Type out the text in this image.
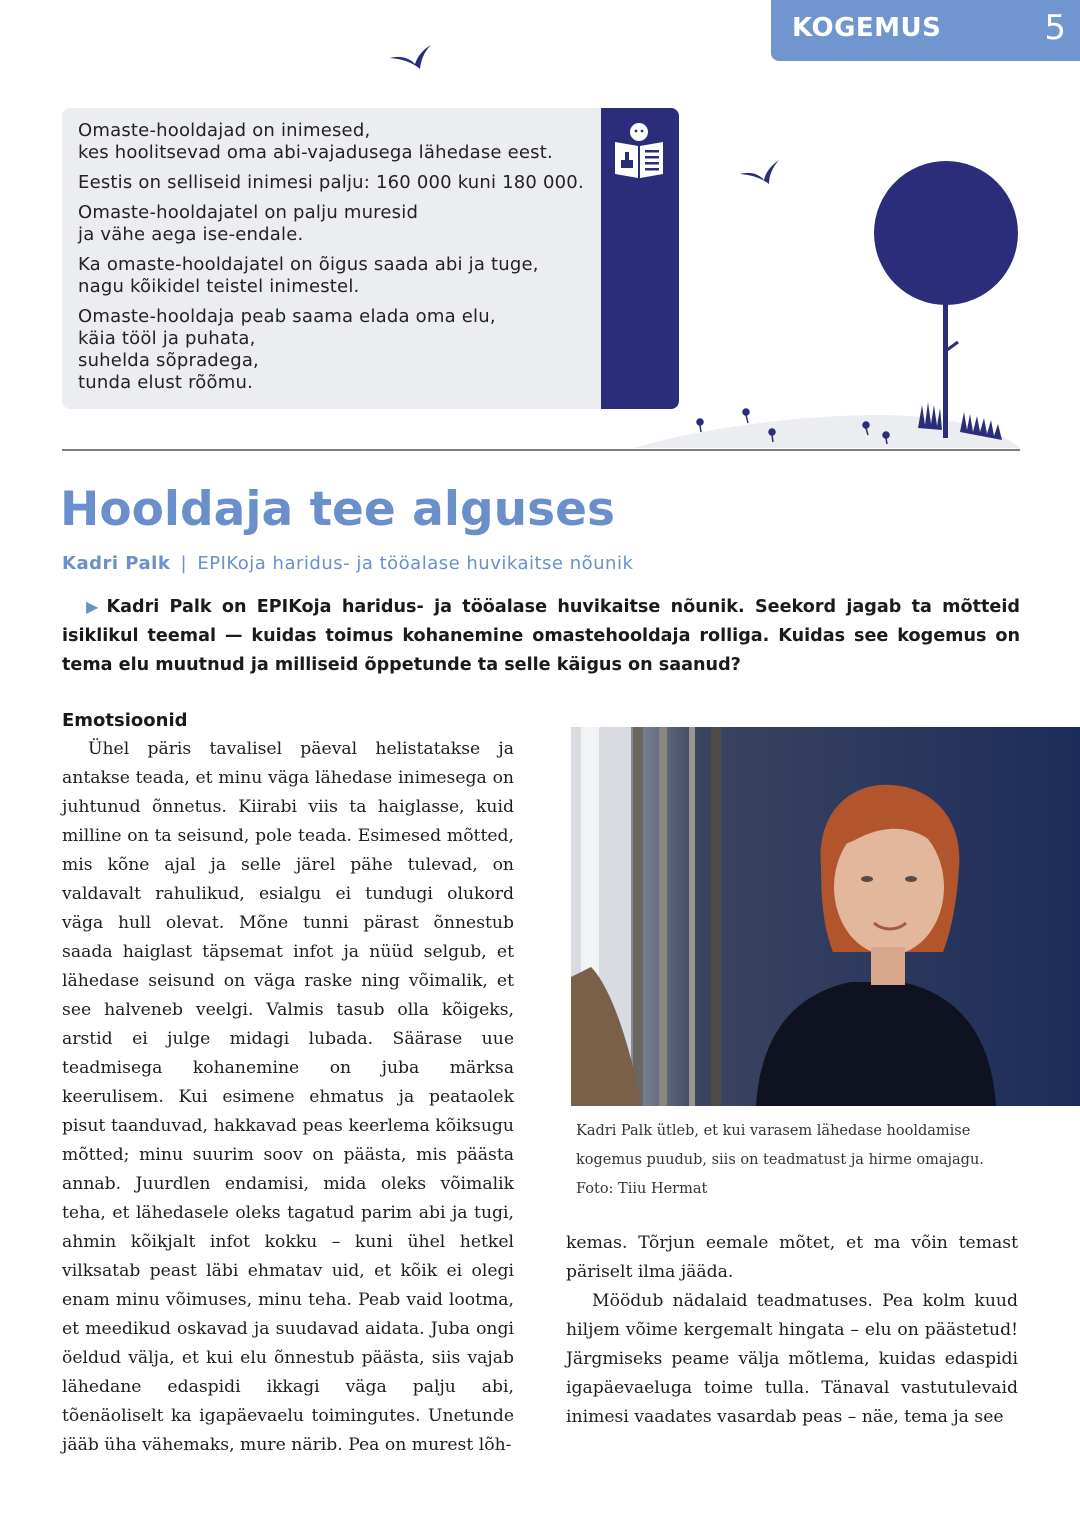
KOGEMUS	5

Omaste-hooldajad on inimesed,
kes hoolitsevad oma abi-vajadusega lähedase eest.

Eestis on selliseid inimesi palju: 160 000 kuni 180 000.

Omaste-hooldajatel on palju muresid
ja vähe aega ise-endale.

Ka omaste-hooldajatel on õigus saada abi ja tuge,
nagu kõikidel teistel inimestel.

Omaste-hooldaja peab saama elada oma elu,
käia tööl ja puhata,
suhelda sõpradega,
tunda elust rõõmu.

Hooldaja tee alguses
Kadri Palk | EPIKoja haridus- ja tööalase huvikaitse nõunik
▶ Kadri Palk on EPIKoja haridus- ja tööalase huvikaitse nõunik. Seekord jagab ta mõtteid isiklikul teemal — kuidas toimus kohanemine omastehooldaja rolliga. Kuidas see kogemus on tema elu muutnud ja milliseid õppetunde ta selle käigus on saanud?
Emotsioonid

Ühel päris tavalisel päeval helistatakse ja antakse teada, et minu väga lähedase inimesega on juhtunud õnnetus. Kiirabi viis ta haiglasse, kuid milline on ta seisund, pole teada. Esimesed mõtted, mis kõne ajal ja selle järel pähe tulevad, on valdavalt rahulikud, esialgu ei tundugi olukord väga hull olevat. Mõne tunni pärast õnnestub saada haiglast täpsemat infot ja nüüd selgub, et lähedase seisund on väga raske ning võimalik, et see halveneb veelgi. Valmis tasub olla kõigeks, arstid ei julge midagi lubada. Säärase uue teadmisega kohanemine on juba märksa keerulisem. Kui esimene ehmatus ja peataolek pisut taanduvad, hakkavad peas keerlema kõiksugu mõtted; minu suurim soov on päästa, mis päästa annab. Juurdlen endamisi, mida oleks võimalik teha, et lähedasele oleks tagatud parim abi ja tugi, ahmin kõikjalt infot kokku – kuni ühel hetkel vilksatab peast läbi ehmatav uid, et kõik ei olegi enam minu võimuses, minu teha. Peab vaid lootma, et meedikud oskavad ja suudavad aidata. Juba ongi öeldud välja, et kui elu õnnestub päästa, siis vajab lähedane edaspidi ikkagi väga palju abi, tõenäoliselt ka igapäevaelu toimingutes. Unetunde jääb üha vähemaks, mure närib. Pea on murest lõh-

Kadri Palk ütleb, et kui varasem lähedase hooldamise kogemus puudub, siis on teadmatust ja hirme omajagu.
Foto: Tiiu Hermat

kemas. Tõrjun eemale mõtet, et ma võin temast päriselt ilma jääda.

Möödub nädalaid teadmatuses. Pea kolm kuud hiljem võime kergemalt hingata – elu on päästetud! Järgmiseks peame välja mõtlema, kuidas edaspidi igapäevaeluga toime tulla. Tänaval vastutulevaid inimesi vaadates vasardab peas – näe, tema ja see
